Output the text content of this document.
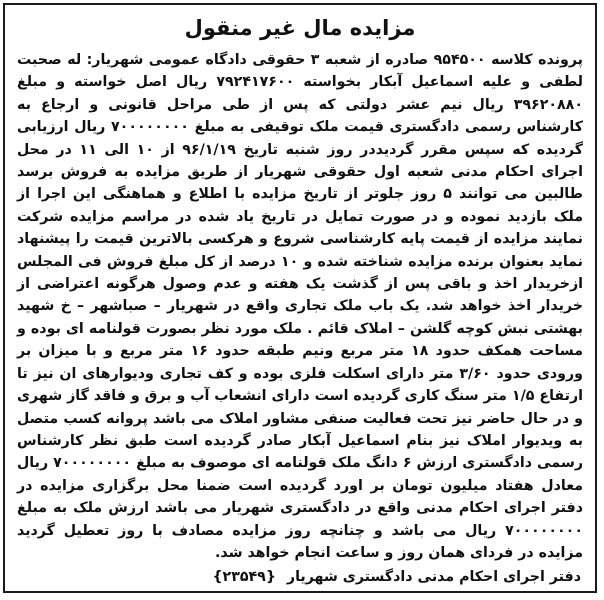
مزایده مال غیر منقول

پرونده کلاسه ۹۵۴۵۰۰ صادره از شعبه ۳ حقوقی دادگاه عمومی شهریار: له صحبت لطفی و علیه اسماعیل آبکار بخواسته ۷۹۲۴۱۷۶۰۰ ریال اصل خواسته و مبلغ ۳۹۶۲۰۸۸۰ ریال نیم عشر دولتی که پس از طی مراحل قانونی و ارجاع به کارشناس رسمی دادگستری قیمت ملک توقیفی به مبلغ ۷۰۰۰۰۰۰۰۰ ریال ارزیابی گردیده که سپس مقرر گردیددر روز شنبه تاریخ ۹۶/۱/۱۹ از ۱۰ الی ۱۱ در محل اجرای احکام مدنی شعبه اول حقوقی شهریار از طریق مزایده به فروش برسد طالبین می توانند ۵ روز جلوتر از تاریخ مزایده با اطلاع و هماهنگی این اجرا از ملک بازدید نموده و در صورت تمایل در تاریخ یاد شده در مراسم مزایده شرکت نمایند مزایده از قیمت پایه کارشناسی شروع و هرکسی بالاترین قیمت را پیشنهاد نماید بعنوان برنده مزایده شناخته شده و ۱۰ درصد از کل مبلغ فروش فی المجلس ازخریدار اخذ و باقی پس از گذشت یک هفته و عدم وصول هرگونه اعتراضی از خریدار اخذ خواهد شد. یک باب ملک تجاری واقع در شهریار – صباشهر – خ شهید بهشتی نبش کوچه گلشن – املاک قائم . ملک مورد نظر بصورت قولنامه ای بوده و مساحت همکف حدود ۱۸ متر مربع ونیم طبقه حدود ۱۶ متر مربع و با میزان بر ورودی حدود ۳/۶۰ متر دارای اسکلت فلزی بوده و کف تجاری ودیوارهای ان نیز تا ارتفاع ۱/۵ متر سنگ کاری گردیده است دارای انشعاب آب و برق و فاقد گاز شهری و در حال حاضر نیز تحت فعالیت صنفی مشاور املاک می باشد پروانه کسب متصل به ویدیوار املاک نیز بنام اسماعیل آبکار صادر گردیده است طبق نظر کارشناس رسمی دادگستری ارزش ۶ دانگ ملک قولنامه ای موصوف به مبلغ ۷۰۰۰۰۰۰۰۰ ریال معادل هفتاد میلیون تومان بر اورد گردیده است ضمنا محل برگزاری مزایده در دفتر اجرای احکام مدنی واقع در دادگستری شهریار می باشد ارزش ملک به مبلغ ۷۰۰۰۰۰۰۰۰ ریال می باشد و چنانچه روز مزایده مصادف با روز تعطیل گردید مزایده در فردای همان روز و ساعت انجام خواهد شد.

دفتر اجرای احکام مدنی دادگستری شهریار {۲۳۵۴۹}
